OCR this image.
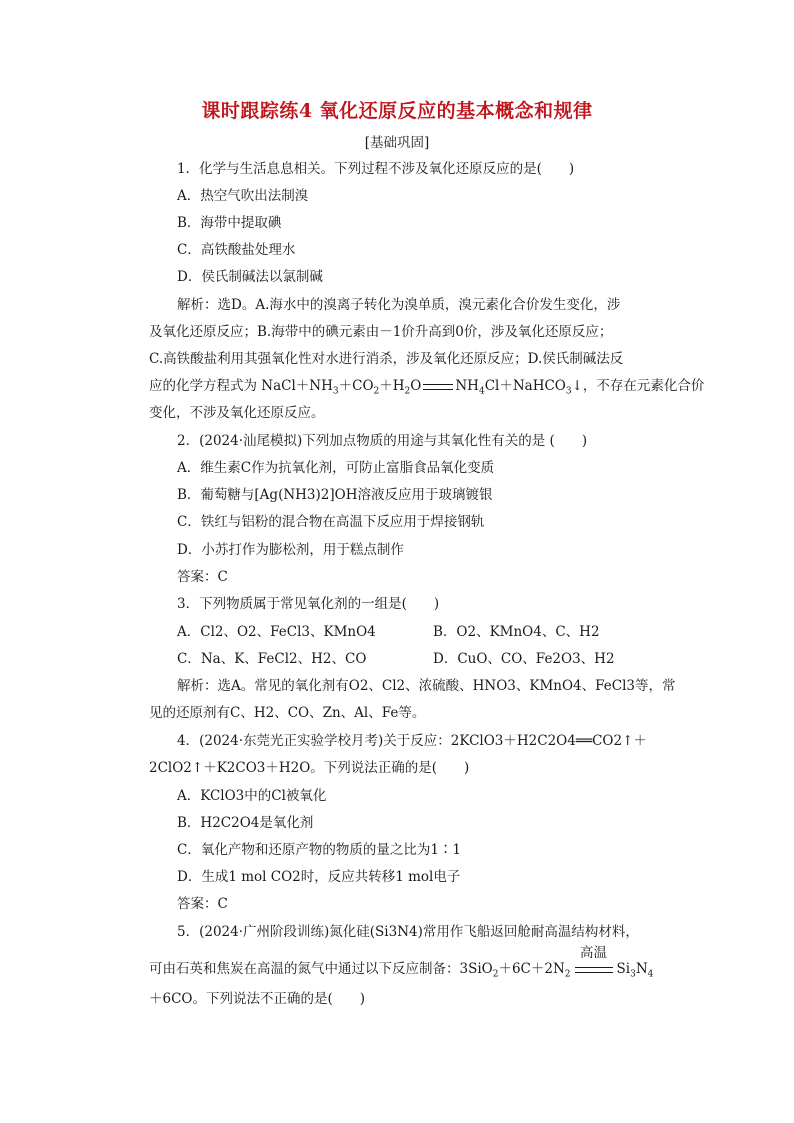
课时跟踪练4 氧化还原反应的基本概念和规律
[基础巩固]
1．化学与生活息息相关。下列过程不涉及氧化还原反应的是(　　)
A．热空气吹出法制溴
B．海带中提取碘
C．高铁酸盐处理水
D．侯氏制碱法以氯制碱
解析：选D。A.海水中的溴离子转化为溴单质，溴元素化合价发生变化，涉
及氧化还原反应；B.海带中的碘元素由－1价升高到0价，涉及氧化还原反应；
C.高铁酸盐利用其强氧化性对水进行消杀，涉及氧化还原反应；D.侯氏制碱法反
应的化学方程式为 $NaCl+NH_3+CO_2+H_2O$	$NH_4Cl+NaHCO_3↓$，不存在元素化合价
变化，不涉及氧化还原反应。
2．(2024·汕尾模拟)下列加点物质的用途与其氧化性有关的是 (　　)
A．维生素C作为抗氧化剂，可防止富脂食品氧化变质
B．葡萄糖与[Ag(NH3)2]OH溶液反应用于玻璃镀银
C．铁红与铝粉的混合物在高温下反应用于焊接钢轨
D．小苏打作为膨松剂，用于糕点制作
答案：C
3．下列物质属于常见氧化剂的一组是(　　)
A．Cl2、O2、FeCl3、KMnO4	B．O2、KMnO4、C、H2
C．Na、K、FeCl2、H2、CO	D．CuO、CO、Fe2O3、H2
解析：选A。常见的氧化剂有O2、Cl2、浓硫酸、HNO3、KMnO4、FeCl3等，常
见的还原剂有C、H2、CO、Zn、Al、Fe等。
4．(2024·东莞光正实验学校月考)关于反应：2KClO3＋H2C2O4══CO2↑＋
2ClO2↑＋K2CO3＋H2O。下列说法正确的是(　　)
A．KClO3中的Cl被氧化
B．H2C2O4是氧化剂
C．氧化产物和还原产物的物质的量之比为1∶1
D．生成1 mol CO2时，反应共转移1 mol电子
答案：C
5．(2024·广州阶段训练)氮化硅(Si3N4)常用作飞船返回舱耐高温结构材料，
可由石英和焦炭在高温的氮气中通过以下反应制备：$3SiO_2+6C+2N_2$
高温
$Si_3N_4$
＋6CO。下列说法不正确的是(　　)
